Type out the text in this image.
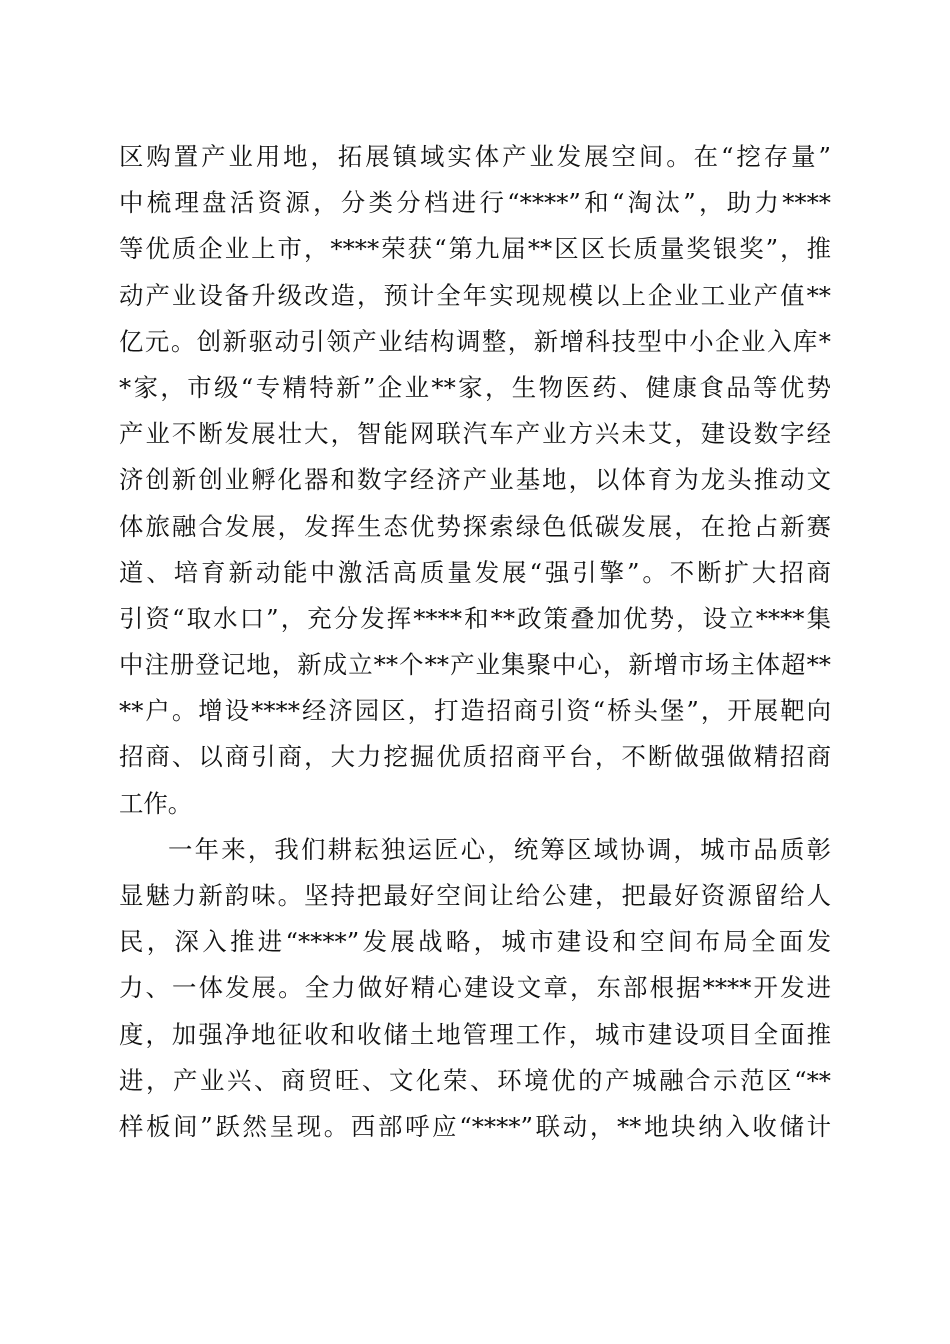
区购置产业用地，拓展镇域实体产业发展空间。在“挖存量”
中梳理盘活资源，分类分档进行“****”和“淘汰”，助力****
等优质企业上市，****荣获“第九届**区区长质量奖银奖”，推
动产业设备升级改造，预计全年实现规模以上企业工业产值**
亿元。创新驱动引领产业结构调整，新增科技型中小企业入库*
*家，市级“专精特新”企业**家，生物医药、健康食品等优势
产业不断发展壮大，智能网联汽车产业方兴未艾，建设数字经
济创新创业孵化器和数字经济产业基地，以体育为龙头推动文
体旅融合发展，发挥生态优势探索绿色低碳发展，在抢占新赛
道、培育新动能中激活高质量发展“强引擎”。不断扩大招商
引资“取水口”，充分发挥****和**政策叠加优势，设立****集
中注册登记地，新成立**个**产业集聚中心，新增市场主体超**
**户。增设****经济园区，打造招商引资“桥头堡”，开展靶向
招商、以商引商，大力挖掘优质招商平台，不断做强做精招商
工作。
一年来，我们耕耘独运匠心，统筹区域协调，城市品质彰
显魅力新韵味。坚持把最好空间让给公建，把最好资源留给人
民，深入推进“****”发展战略，城市建设和空间布局全面发
力、一体发展。全力做好精心建设文章，东部根据****开发进
度，加强净地征收和收储土地管理工作，城市建设项目全面推
进，产业兴、商贸旺、文化荣、环境优的产城融合示范区“**
样板间”跃然呈现。西部呼应“****”联动，**地块纳入收储计
